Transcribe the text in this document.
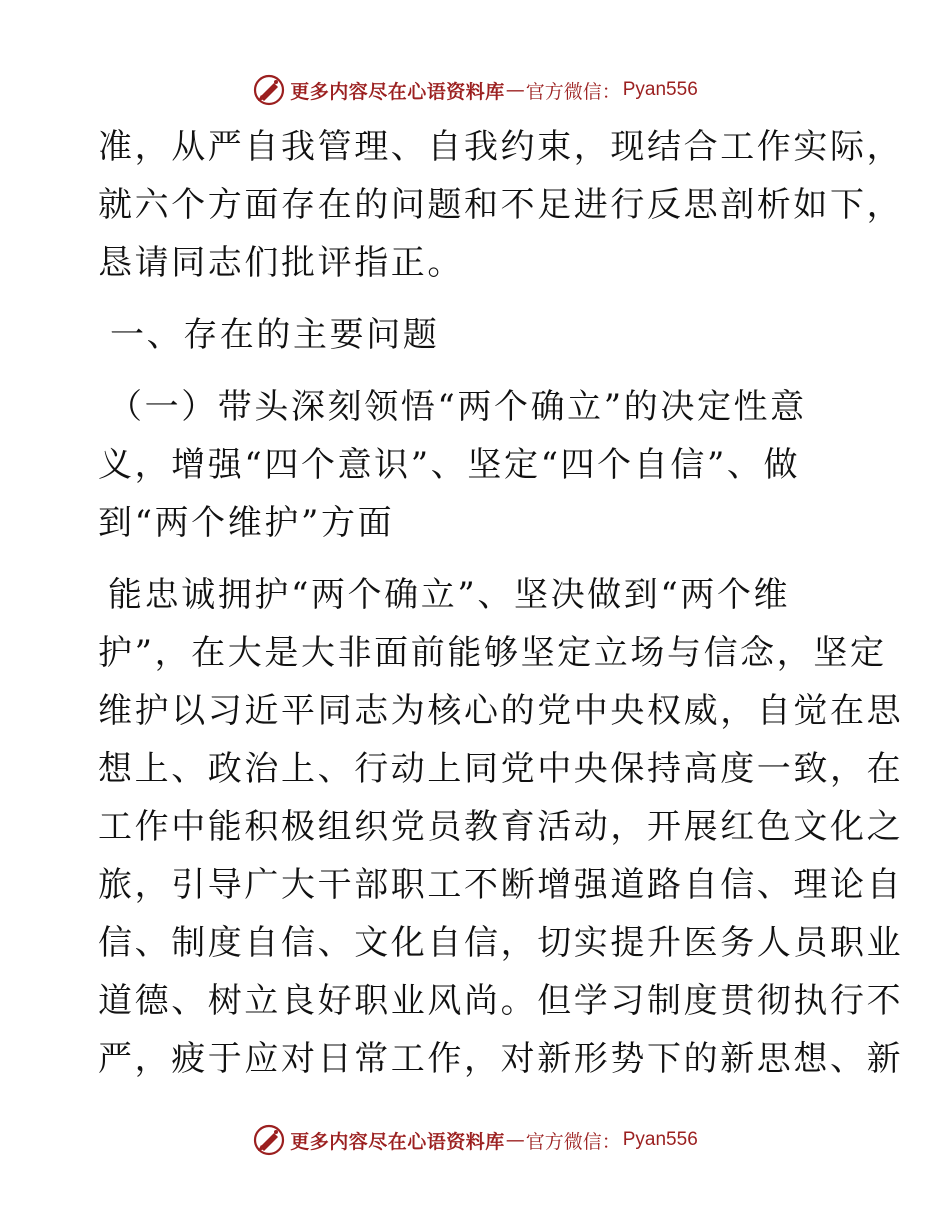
更多内容尽在心语资料库 — 官方微信： Pyan556
准，从严自我管理、自我约束，现结合工作实际，
就六个方面存在的问题和不足进行反思剖析如下，
恳请同志们批评指正。
一、存在的主要问题
（一）带头深刻领悟“两个确立”的决定性意
义，增强“四个意识”、坚定“四个自信”、做
到“两个维护”方面
能忠诚拥护“两个确立”、坚决做到“两个维
护”，在大是大非面前能够坚定立场与信念，坚定
维护以习近平同志为核心的党中央权威，自觉在思
想上、政治上、行动上同党中央保持高度一致，在
工作中能积极组织党员教育活动，开展红色文化之
旅，引导广大干部职工不断增强道路自信、理论自
信、制度自信、文化自信，切实提升医务人员职业
道德、树立良好职业风尚。但学习制度贯彻执行不
严，疲于应对日常工作，对新形势下的新思想、新
更多内容尽在心语资料库 — 官方微信： Pyan556
